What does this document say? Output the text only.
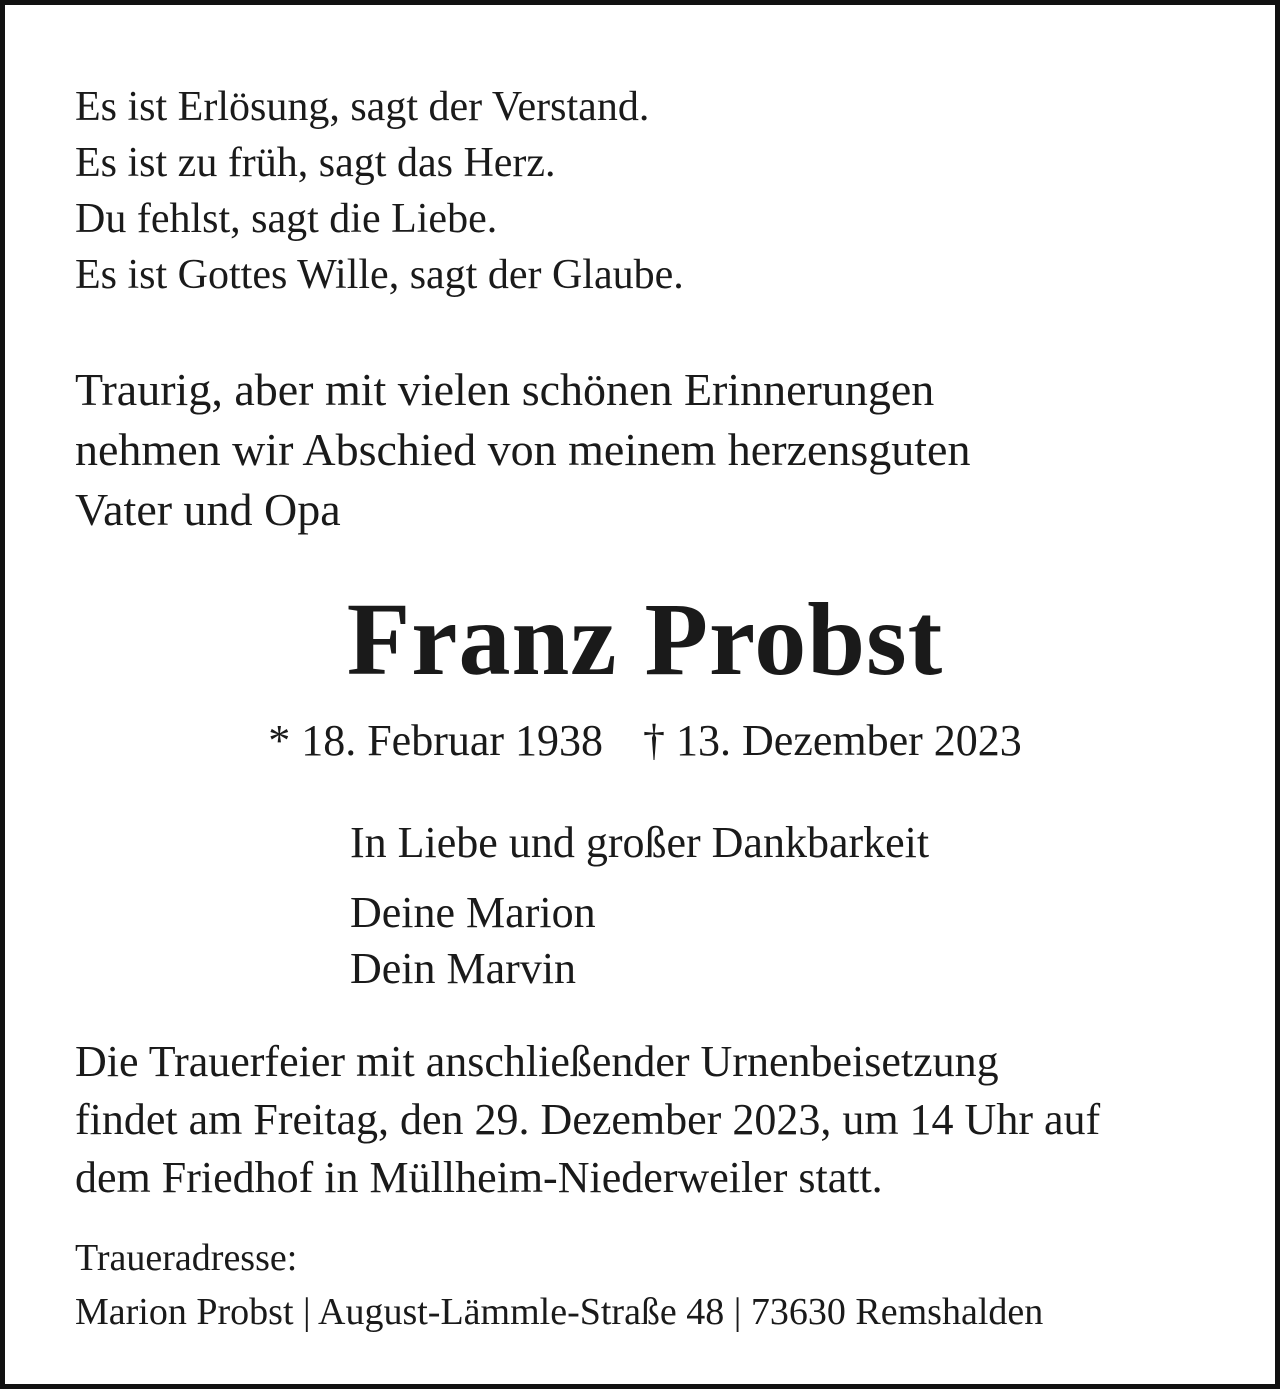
Es ist Erlösung, sagt der Verstand.
Es ist zu früh, sagt das Herz.
Du fehlst, sagt die Liebe.
Es ist Gottes Wille, sagt der Glaube.

Traurig, aber mit vielen schönen Erinnerungen
nehmen wir Abschied von meinem herzensguten
Vater und Opa

Franz Probst

* 18. Februar 1938 † 13. Dezember 2023

In Liebe und großer Dankbarkeit

Deine Marion
Dein Marvin

Die Trauerfeier mit anschließender Urnenbeisetzung
findet am Freitag, den 29. Dezember 2023, um 14 Uhr auf
dem Friedhof in Müllheim-Niederweiler statt.

Traueradresse:
Marion Probst | August-Lämmle-Straße 48 | 73630 Remshalden
